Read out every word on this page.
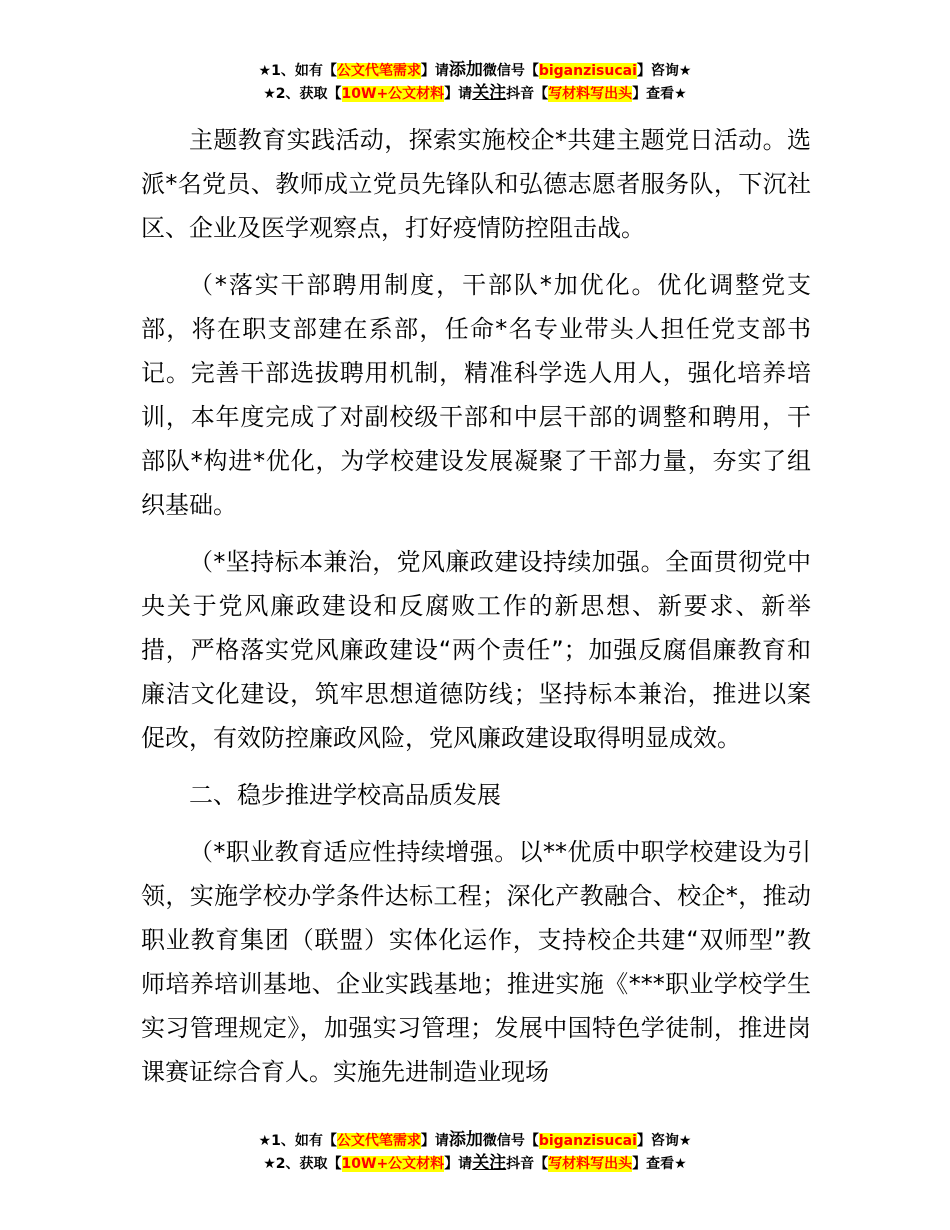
★1、如有【公文代笔需求】请添加微信号【biganzisucai】咨询★
★2、获取【10W+公文材料】请关注抖音【写材料写出头】查看★

主题教育实践活动，探索实施校企*共建主题党日活动。选派*名党员、教师成立党员先锋队和弘德志愿者服务队，下沉社区、企业及医学观察点，打好疫情防控阻击战。

（*落实干部聘用制度，干部队*加优化。优化调整党支部，将在职支部建在系部，任命*名专业带头人担任党支部书记。完善干部选拔聘用机制，精准科学选人用人，强化培养培训，本年度完成了对副校级干部和中层干部的调整和聘用，干部队*构进*优化，为学校建设发展凝聚了干部力量，夯实了组织基础。

（*坚持标本兼治，党风廉政建设持续加强。全面贯彻党中央关于党风廉政建设和反腐败工作的新思想、新要求、新举措，严格落实党风廉政建设“两个责任”；加强反腐倡廉教育和廉洁文化建设，筑牢思想道德防线；坚持标本兼治，推进以案促改，有效防控廉政风险，党风廉政建设取得明显成效。

二、稳步推进学校高品质发展

（*职业教育适应性持续增强。以**优质中职学校建设为引领，实施学校办学条件达标工程；深化产教融合、校企*，推动职业教育集团（联盟）实体化运作，支持校企共建“双师型”教师培养培训基地、企业实践基地；推进实施《***职业学校学生实习管理规定》，加强实习管理；发展中国特色学徒制，推进岗课赛证综合育人。实施先进制造业现场

★1、如有【公文代笔需求】请添加微信号【biganzisucai】咨询★
★2、获取【10W+公文材料】请关注抖音【写材料写出头】查看★
